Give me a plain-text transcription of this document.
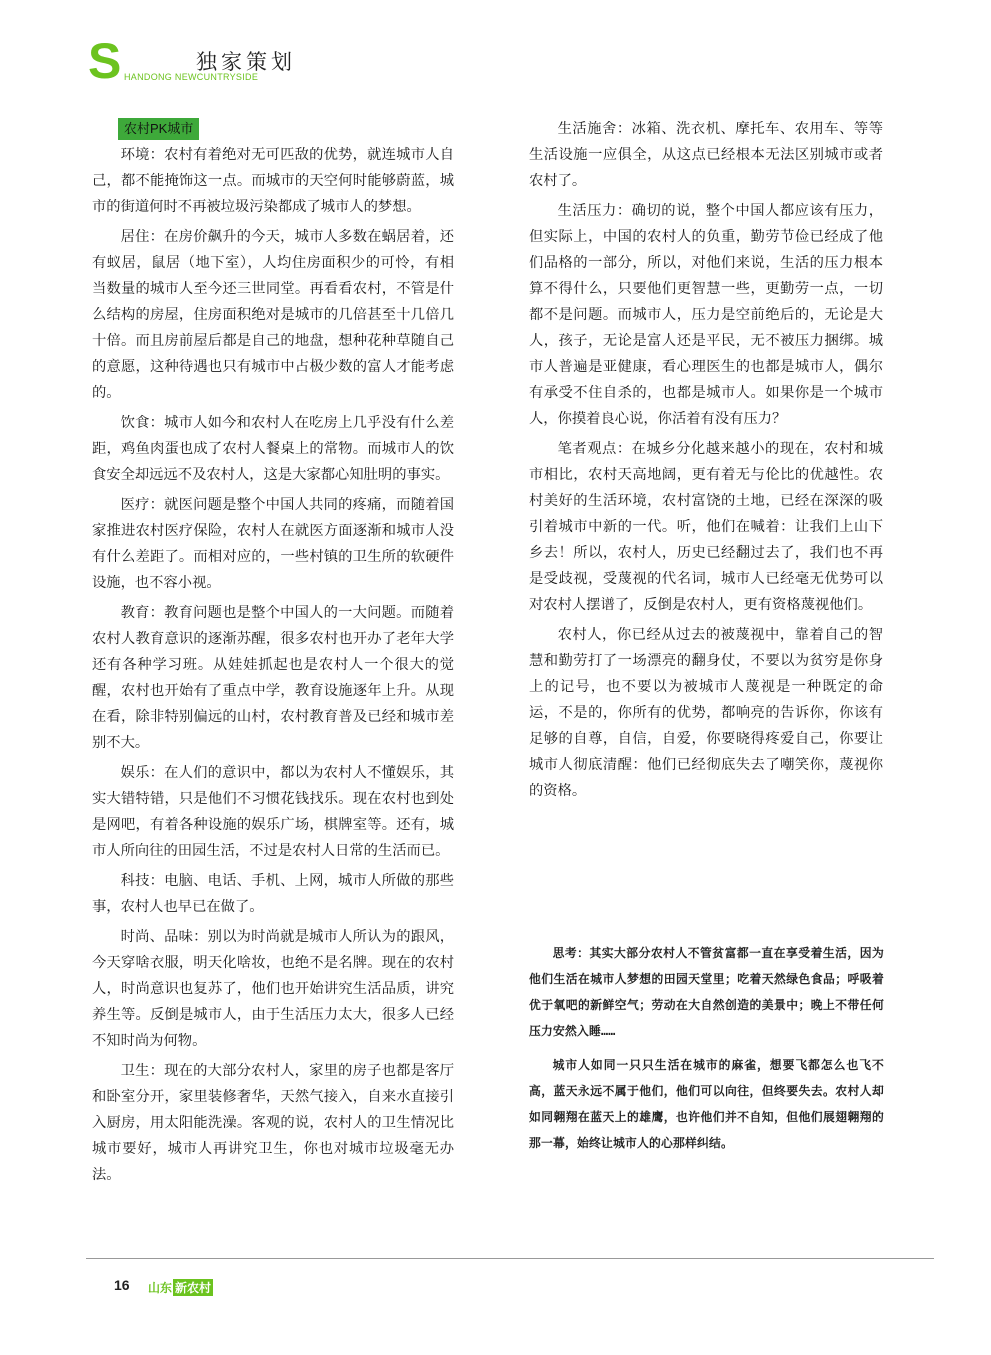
S	独家策划
HANDONG NEWCUNTRYSIDE
农村PK城市

环境：农村有着绝对无可匹敌的优势，就连城市人自己，都不能掩饰这一点。而城市的天空何时能够蔚蓝，城市的街道何时不再被垃圾污染都成了城市人的梦想。

居住：在房价飙升的今天，城市人多数在蜗居着，还有蚁居，鼠居（地下室），人均住房面积少的可怜，有相当数量的城市人至今还三世同堂。再看看农村，不管是什么结构的房屋，住房面积绝对是城市的几倍甚至十几倍几十倍。而且房前屋后都是自己的地盘，想种花种草随自己的意愿，这种待遇也只有城市中占极少数的富人才能考虑的。

饮食：城市人如今和农村人在吃房上几乎没有什么差距，鸡鱼肉蛋也成了农村人餐桌上的常物。而城市人的饮食安全却远远不及农村人，这是大家都心知肚明的事实。

医疗：就医问题是整个中国人共同的疼痛，而随着国家推进农村医疗保险，农村人在就医方面逐渐和城市人没有什么差距了。而相对应的，一些村镇的卫生所的软硬件设施，也不容小视。

教育：教育问题也是整个中国人的一大问题。而随着农村人教育意识的逐渐苏醒，很多农村也开办了老年大学还有各种学习班。从娃娃抓起也是农村人一个很大的觉醒，农村也开始有了重点中学，教育设施逐年上升。从现在看，除非特别偏远的山村，农村教育普及已经和城市差别不大。

娱乐：在人们的意识中，都以为农村人不懂娱乐，其实大错特错，只是他们不习惯花钱找乐。现在农村也到处是网吧，有着各种设施的娱乐广场，棋牌室等。还有，城市人所向往的田园生活，不过是农村人日常的生活而已。

科技：电脑、电话、手机、上网，城市人所做的那些事，农村人也早已在做了。

时尚、品味：别以为时尚就是城市人所认为的跟风，今天穿啥衣服，明天化啥妆，也绝不是名牌。现在的农村人，时尚意识也复苏了，他们也开始讲究生活品质，讲究养生等。反倒是城市人，由于生活压力太大，很多人已经不知时尚为何物。

卫生：现在的大部分农村人，家里的房子也都是客厅和卧室分开，家里装修奢华，天然气接入，自来水直接引入厨房，用太阳能洗澡。客观的说，农村人的卫生情况比城市要好，城市人再讲究卫生，你也对城市垃圾毫无办法。

生活施舍：冰箱、洗衣机、摩托车、农用车、等等生活设施一应俱全，从这点已经根本无法区别城市或者农村了。

生活压力：确切的说，整个中国人都应该有压力，但实际上，中国的农村人的负重，勤劳节俭已经成了他们品格的一部分，所以，对他们来说，生活的压力根本算不得什么，只要他们更智慧一些，更勤劳一点，一切都不是问题。而城市人，压力是空前绝后的，无论是大人，孩子，无论是富人还是平民，无不被压力捆绑。城市人普遍是亚健康，看心理医生的也都是城市人，偶尔有承受不住自杀的，也都是城市人。如果你是一个城市人，你摸着良心说，你活着有没有压力？

笔者观点：在城乡分化越来越小的现在，农村和城市相比，农村天高地阔，更有着无与伦比的优越性。农村美好的生活环境，农村富饶的土地，已经在深深的吸引着城市中新的一代。听，他们在喊着：让我们上山下乡去！所以，农村人，历史已经翻过去了，我们也不再是受歧视，受蔑视的代名词，城市人已经毫无优势可以对农村人摆谱了，反倒是农村人，更有资格蔑视他们。

农村人，你已经从过去的被蔑视中，靠着自己的智慧和勤劳打了一场漂亮的翻身仗，不要以为贫穷是你身上的记号，也不要以为被城市人蔑视是一种既定的命运，不是的，你所有的优势，都响亮的告诉你，你该有足够的自尊，自信，自爱，你要晓得疼爱自己，你要让城市人彻底清醒：他们已经彻底失去了嘲笑你，蔑视你的资格。

思考：其实大部分农村人不管贫富都一直在享受着生活，因为他们生活在城市人梦想的田园天堂里；吃着天然绿色食品；呼吸着优于氧吧的新鲜空气；劳动在大自然创造的美景中；晚上不带任何压力安然入睡……

城市人如同一只只生活在城市的麻雀，想要飞都怎么也飞不高，蓝天永远不属于他们，他们可以向往，但终要失去。农村人却如同翱翔在蓝天上的雄鹰，也许他们并不自知，但他们展翅翱翔的那一幕，始终让城市人的心那样纠结。

16 山东 新农村
